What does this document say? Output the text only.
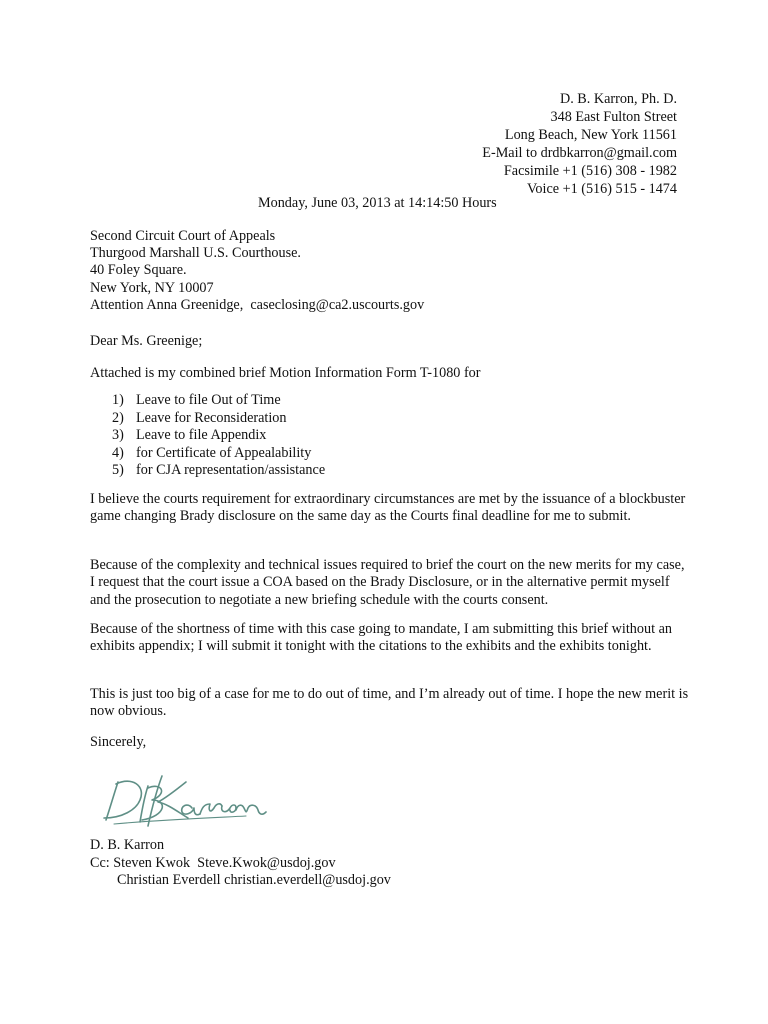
D. B. Karron, Ph. D.
348 East Fulton Street
Long Beach, New York 11561
E-Mail to drdbkarron@gmail.com
Facsimile +1 (516) 308 - 1982
Voice +1 (516) 515 - 1474
Monday, June 03, 2013 at 14:14:50 Hours
Second Circuit Court of Appeals
Thurgood Marshall U.S. Courthouse.
40 Foley Square.
New York, NY 10007
Attention Anna Greenidge,  caseclosing@ca2.uscourts.gov
Dear Ms. Greenige;
Attached is my combined brief Motion Information Form T-1080 for
1) Leave to file Out of Time
2) Leave for Reconsideration
3) Leave to file Appendix
4) for Certificate of Appealability
5) for CJA representation/assistance
I believe the courts requirement for extraordinary circumstances are met by the issuance of a blockbuster game changing Brady disclosure on the same day as the Courts final deadline for me to submit.
Because of the complexity and technical issues required to brief the court on the new merits for my case, I request that the court issue a COA based on the Brady Disclosure, or in the alternative permit myself and the prosecution to negotiate a new briefing schedule with the courts consent.
Because of the shortness of time with this case going to mandate, I am submitting this brief without an exhibits appendix; I will submit it tonight with the citations to the exhibits and the exhibits tonight.
This is just too big of a case for me to do out of time, and I’m already out of time. I hope the new merit is now obvious.
Sincerely,
D. B. Karron
Cc: Steven Kwok  Steve.Kwok@usdoj.gov
Christian Everdell christian.everdell@usdoj.gov
